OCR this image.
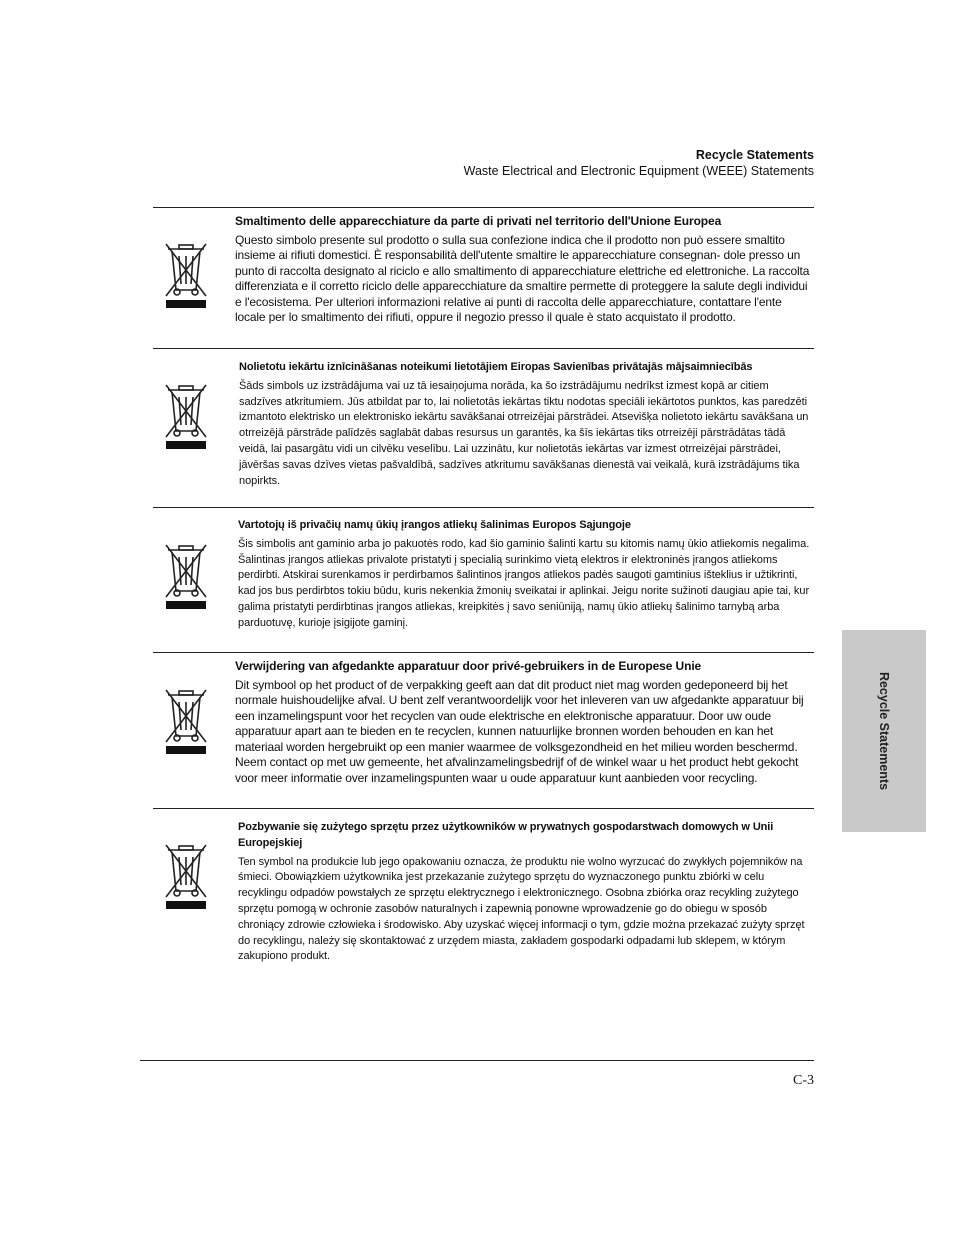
Recycle Statements
Waste Electrical and Electronic Equipment (WEEE) Statements
Smaltimento delle apparecchiature da parte di privati nel territorio dell'Unione Europea
Questo simbolo presente sul prodotto o sulla sua confezione indica che il prodotto non può essere smaltito insieme ai rifiuti domestici. È responsabilità dell'utente smaltire le apparecchiature consegnan- dole presso un punto di raccolta designato al riciclo e allo smaltimento di apparecchiature elettriche ed elettroniche. La raccolta differenziata e il corretto riciclo delle apparecchiature da smaltire permette di proteggere la salute degli individui e l'ecosistema. Per ulteriori informazioni relative ai punti di raccolta delle apparecchiature, contattare l'ente locale per lo smaltimento dei rifiuti, oppure il negozio presso il quale è stato acquistato il prodotto.
Nolietotu iekārtu iznīcināšanas noteikumi lietotājiem Eiropas Savienības privātajās mājsaimniecībās
Šāds simbols uz izstrādājuma vai uz tā iesaiņojuma norāda, ka šo izstrādājumu nedrīkst izmest kopā ar citiem sadzīves atkritumiem. Jūs atbildat par to, lai nolietotās iekārtas tiktu nodotas speciāli iekārtotos punktos, kas paredzēti izmantoto elektrisko un elektronisko iekārtu savākšanai otrreizējai pārstrādei. Atsevišķa nolietoto iekārtu savākšana un otrreizējā pārstrāde palīdzēs saglabāt dabas resursus un garantēs, ka šīs iekārtas tiks otrreizēji pārstrādātas tādā veidā, lai pasargātu vidi un cilvēku veselību. Lai uzzinātu, kur nolietotās iekārtas var izmest otrreizējai pārstrādei, jāvēršas savas dzīves vietas pašvaldībā, sadzīves atkritumu savākšanas dienestā vai veikalā, kurā izstrādājums tika nopirkts.
Vartotojų iš privačių namų ūkių įrangos atliekų šalinimas Europos Sąjungoje
Šis simbolis ant gaminio arba jo pakuotės rodo, kad šio gaminio šalinti kartu su kitomis namų ūkio atliekomis negalima. Šalintinas įrangos atliekas privalote pristatyti į specialią surinkimo vietą elektros ir elektroninės įrangos atliekoms perdirbti. Atskirai surenkamos ir perdirbamos šalintinos įrangos atliekos padės saugoti gamtinius išteklius ir užtikrinti, kad jos bus perdirbtos tokiu būdu, kuris nekenkia žmonių sveikatai ir aplinkai. Jeigu norite sužinoti daugiau apie tai, kur galima pristatyti perdirbtinas įrangos atliekas, kreipkitės į savo seniūniją, namų ūkio atliekų šalinimo tarnybą arba parduotuvę, kurioje įsigijote gaminį.
Verwijdering van afgedankte apparatuur door privé-gebruikers in de Europese Unie
Dit symbool op het product of de verpakking geeft aan dat dit product niet mag worden gedeponeerd bij het normale huishoudelijke afval. U bent zelf verantwoordelijk voor het inleveren van uw afgedankte apparatuur bij een inzamelingspunt voor het recyclen van oude elektrische en elektronische apparatuur. Door uw oude apparatuur apart aan te bieden en te recyclen, kunnen natuurlijke bronnen worden behouden en kan het materiaal worden hergebruikt op een manier waarmee de volksgezondheid en het milieu worden beschermd. Neem contact op met uw gemeente, het afvalinzamelingsbedrijf of de winkel waar u het product hebt gekocht voor meer informatie over inzamelingspunten waar u oude apparatuur kunt aanbieden voor recycling.
Pozbywanie się zużytego sprzętu przez użytkowników w prywatnych gospodarstwach domowych w Unii Europejskiej
Ten symbol na produkcie lub jego opakowaniu oznacza, że produktu nie wolno wyrzucać do zwykłych pojemników na śmieci. Obowiązkiem użytkownika jest przekazanie zużytego sprzętu do wyznaczonego punktu zbiórki w celu recyklingu odpadów powstałych ze sprzętu elektrycznego i elektronicznego. Osobna zbiórka oraz recykling zużytego sprzętu pomogą w ochronie zasobów naturalnych i zapewnią ponowne wprowadzenie go do obiegu w sposób chroniący zdrowie człowieka i środowisko. Aby uzyskać więcej informacji o tym, gdzie można przekazać zużyty sprzęt do recyklingu, należy się skontaktować z urzędem miasta, zakładem gospodarki odpadami lub sklepem, w którym zakupiono produkt.
Recycle Statements
C-3
